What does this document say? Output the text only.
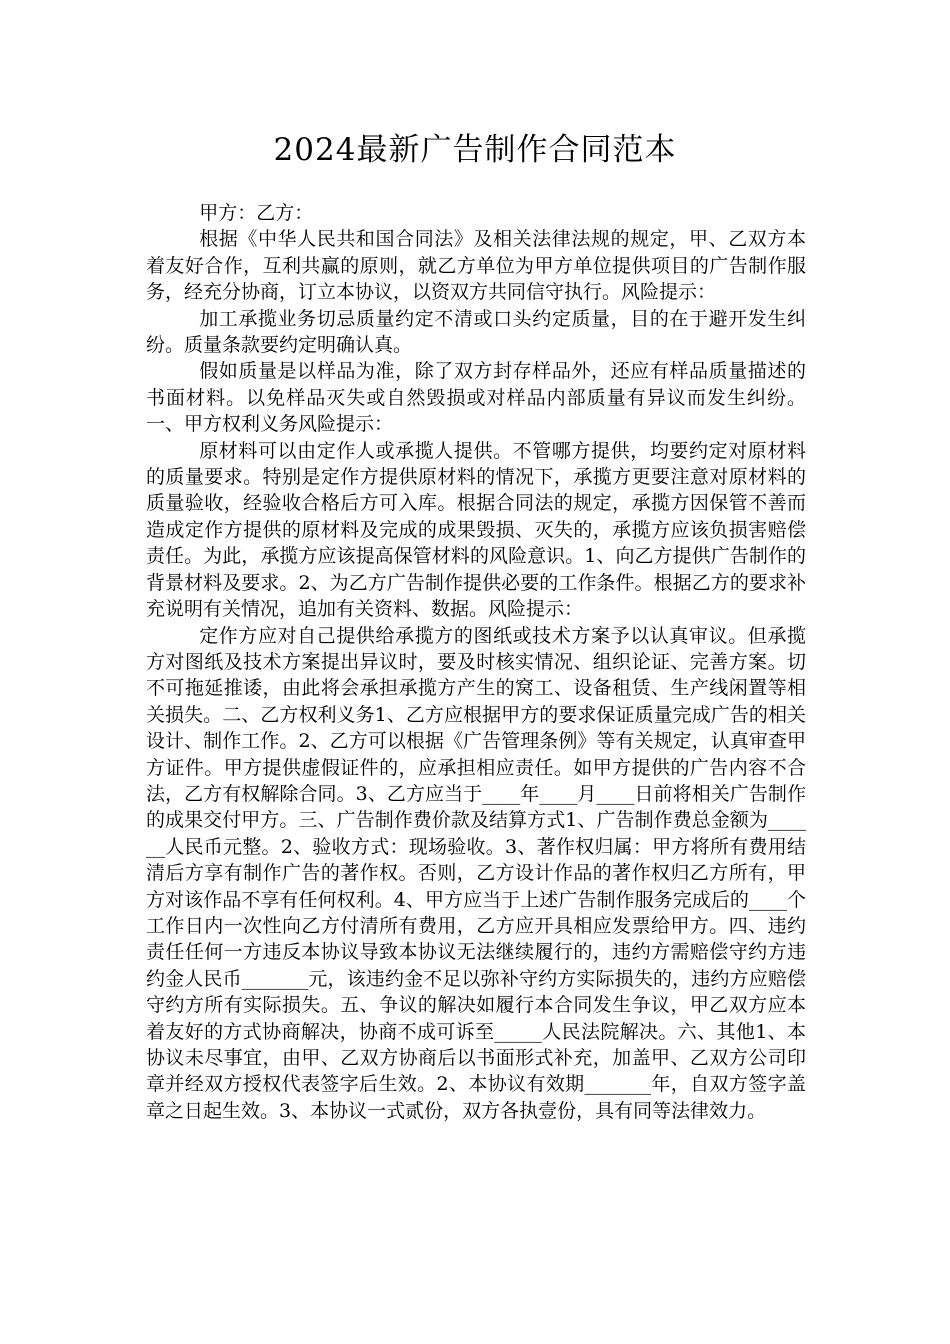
2024最新广告制作合同范本

甲方：乙方：

根据《中华人民共和国合同法》及相关法律法规的规定，甲、乙双方本着友好合作，互利共赢的原则，就乙方单位为甲方单位提供项目的广告制作服务，经充分协商，订立本协议，以资双方共同信守执行。风险提示：

加工承揽业务切忌质量约定不清或口头约定质量，目的在于避开发生纠纷。质量条款要约定明确认真。

假如质量是以样品为准，除了双方封存样品外，还应有样品质量描述的书面材料。以免样品灭失或自然毁损或对样品内部质量有异议而发生纠纷。一、甲方权利义务风险提示：

原材料可以由定作人或承揽人提供。不管哪方提供，均要约定对原材料的质量要求。特别是定作方提供原材料的情况下，承揽方更要注意对原材料的质量验收，经验收合格后方可入库。根据合同法的规定，承揽方因保管不善而造成定作方提供的原材料及完成的成果毁损、灭失的，承揽方应该负损害赔偿责任。为此，承揽方应该提高保管材料的风险意识。1、向乙方提供广告制作的背景材料及要求。2、为乙方广告制作提供必要的工作条件。根据乙方的要求补充说明有关情况，追加有关资料、数据。风险提示：

定作方应对自己提供给承揽方的图纸或技术方案予以认真审议。但承揽方对图纸及技术方案提出异议时，要及时核实情况、组织论证、完善方案。切不可拖延推诿，由此将会承担承揽方产生的窝工、设备租赁、生产线闲置等相关损失。二、乙方权利义务1、乙方应根据甲方的要求保证质量完成广告的相关设计、制作工作。2、乙方可以根据《广告管理条例》等有关规定，认真审查甲方证件。甲方提供虚假证件的，应承担相应责任。如甲方提供的广告内容不合法，乙方有权解除合同。3、乙方应当于____年____月____日前将相关广告制作的成果交付甲方。三、广告制作费价款及结算方式1、广告制作费总金额为______人民币元整。2、验收方式：现场验收。3、著作权归属：甲方将所有费用结清后方享有制作广告的著作权。否则，乙方设计作品的著作权归乙方所有，甲方对该作品不享有任何权利。4、甲方应当于上述广告制作服务完成后的____个工作日内一次性向乙方付清所有费用，乙方应开具相应发票给甲方。四、违约责任任何一方违反本协议导致本协议无法继续履行的，违约方需赔偿守约方违约金人民币_______元，该违约金不足以弥补守约方实际损失的，违约方应赔偿守约方所有实际损失。五、争议的解决如履行本合同发生争议，甲乙双方应本着友好的方式协商解决，协商不成可诉至_____人民法院解决。六、其他1、本协议未尽事宜，由甲、乙双方协商后以书面形式补充，加盖甲、乙双方公司印章并经双方授权代表签字后生效。2、本协议有效期_______年，自双方签字盖章之日起生效。3、本协议一式贰份，双方各执壹份，具有同等法律效力。
